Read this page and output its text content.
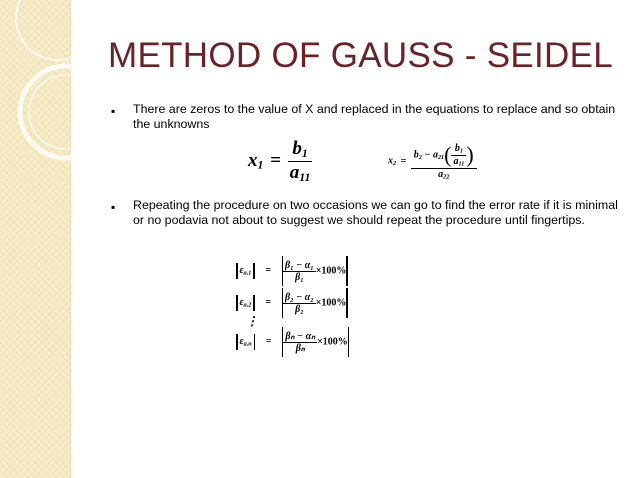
METHOD OF GAUSS - SEIDEL
▪ There are zeros to the value of X and replaced in the equations to replace and so obtain the unknowns
$x_1 = \frac{b_1}{a_{11}}$	$x_2 = \frac{b_2 - a_{21}( \frac{b_1}{a_{11}} )}{a_{22}}$
▪ Repeating the procedure on two occasions we can go to find the error rate if it is minimal or no podavia not about to suggest we should repeat the procedure until fingertips.
$\varepsilon_{a,1} = \frac{\text{β₁ − α₁}}{\text{β₁}} \times 100\%$
$\varepsilon_{a,2} = \frac{\text{β₂ − α₂}}{\text{β₂}} \times 100\%$
⋮
$\varepsilon_{a,n} = \frac{\text{βₙ − αₙ}}{\text{βₙ}} \times 100\%$
